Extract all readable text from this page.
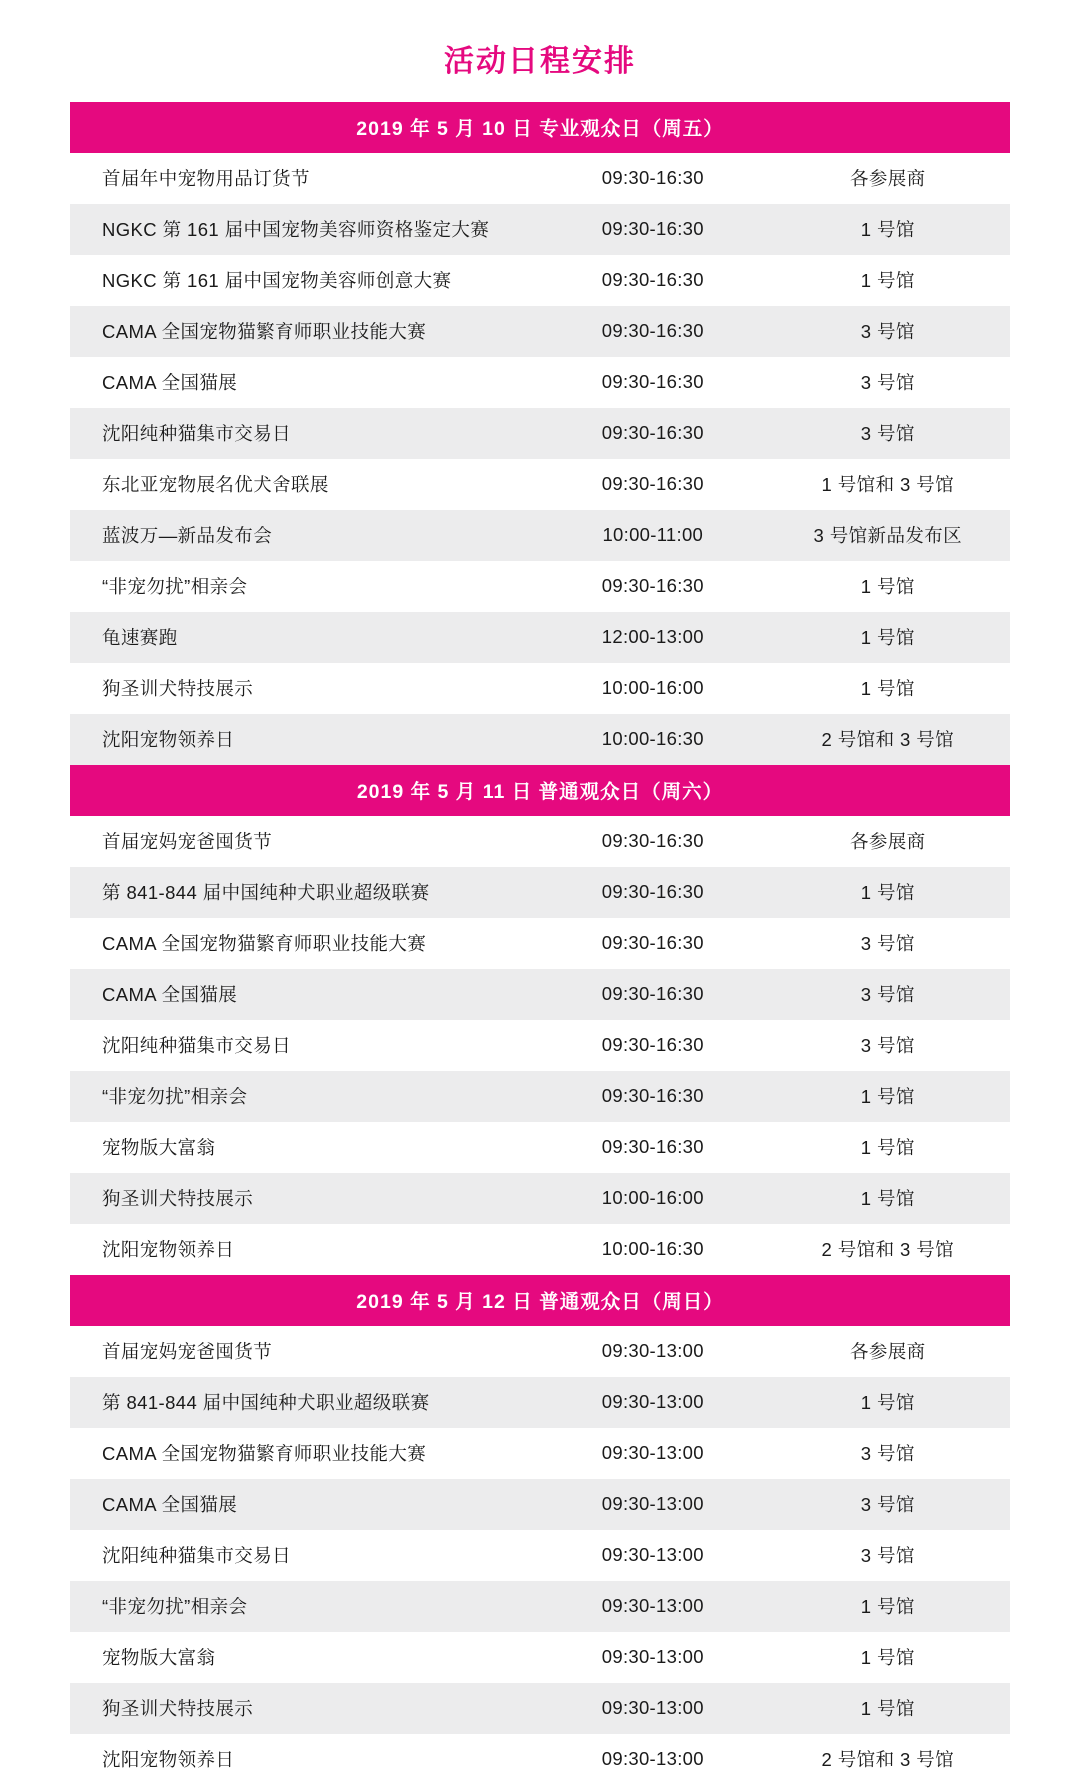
活动日程安排
2019 年 5 月 10 日 专业观众日（周五）		
首届年中宠物用品订货节	09:30-16:30	各参展商
NGKC 第 161 届中国宠物美容师资格鉴定大赛	09:30-16:30	1 号馆
NGKC 第 161 届中国宠物美容师创意大赛	09:30-16:30	1 号馆
CAMA 全国宠物猫繁育师职业技能大赛	09:30-16:30	3 号馆
CAMA 全国猫展	09:30-16:30	3 号馆
沈阳纯种猫集市交易日	09:30-16:30	3 号馆
东北亚宠物展名优犬舍联展	09:30-16:30	1 号馆和 3 号馆
蓝波万—新品发布会	10:00-11:00	3 号馆新品发布区
“非宠勿扰”相亲会	09:30-16:30	1 号馆
龟速赛跑	12:00-13:00	1 号馆
狗圣训犬特技展示	10:00-16:00	1 号馆
沈阳宠物领养日	10:00-16:30	2 号馆和 3 号馆
2019 年 5 月 11 日 普通观众日（周六）		
首届宠妈宠爸囤货节	09:30-16:30	各参展商
第 841-844 届中国纯种犬职业超级联赛	09:30-16:30	1 号馆
CAMA 全国宠物猫繁育师职业技能大赛	09:30-16:30	3 号馆
CAMA 全国猫展	09:30-16:30	3 号馆
沈阳纯种猫集市交易日	09:30-16:30	3 号馆
“非宠勿扰”相亲会	09:30-16:30	1 号馆
宠物版大富翁	09:30-16:30	1 号馆
狗圣训犬特技展示	10:00-16:00	1 号馆
沈阳宠物领养日	10:00-16:30	2 号馆和 3 号馆
2019 年 5 月 12 日 普通观众日（周日）		
首届宠妈宠爸囤货节	09:30-13:00	各参展商
第 841-844 届中国纯种犬职业超级联赛	09:30-13:00	1 号馆
CAMA 全国宠物猫繁育师职业技能大赛	09:30-13:00	3 号馆
CAMA 全国猫展	09:30-13:00	3 号馆
沈阳纯种猫集市交易日	09:30-13:00	3 号馆
“非宠勿扰”相亲会	09:30-13:00	1 号馆
宠物版大富翁	09:30-13:00	1 号馆
狗圣训犬特技展示	09:30-13:00	1 号馆
沈阳宠物领养日	09:30-13:00	2 号馆和 3 号馆
